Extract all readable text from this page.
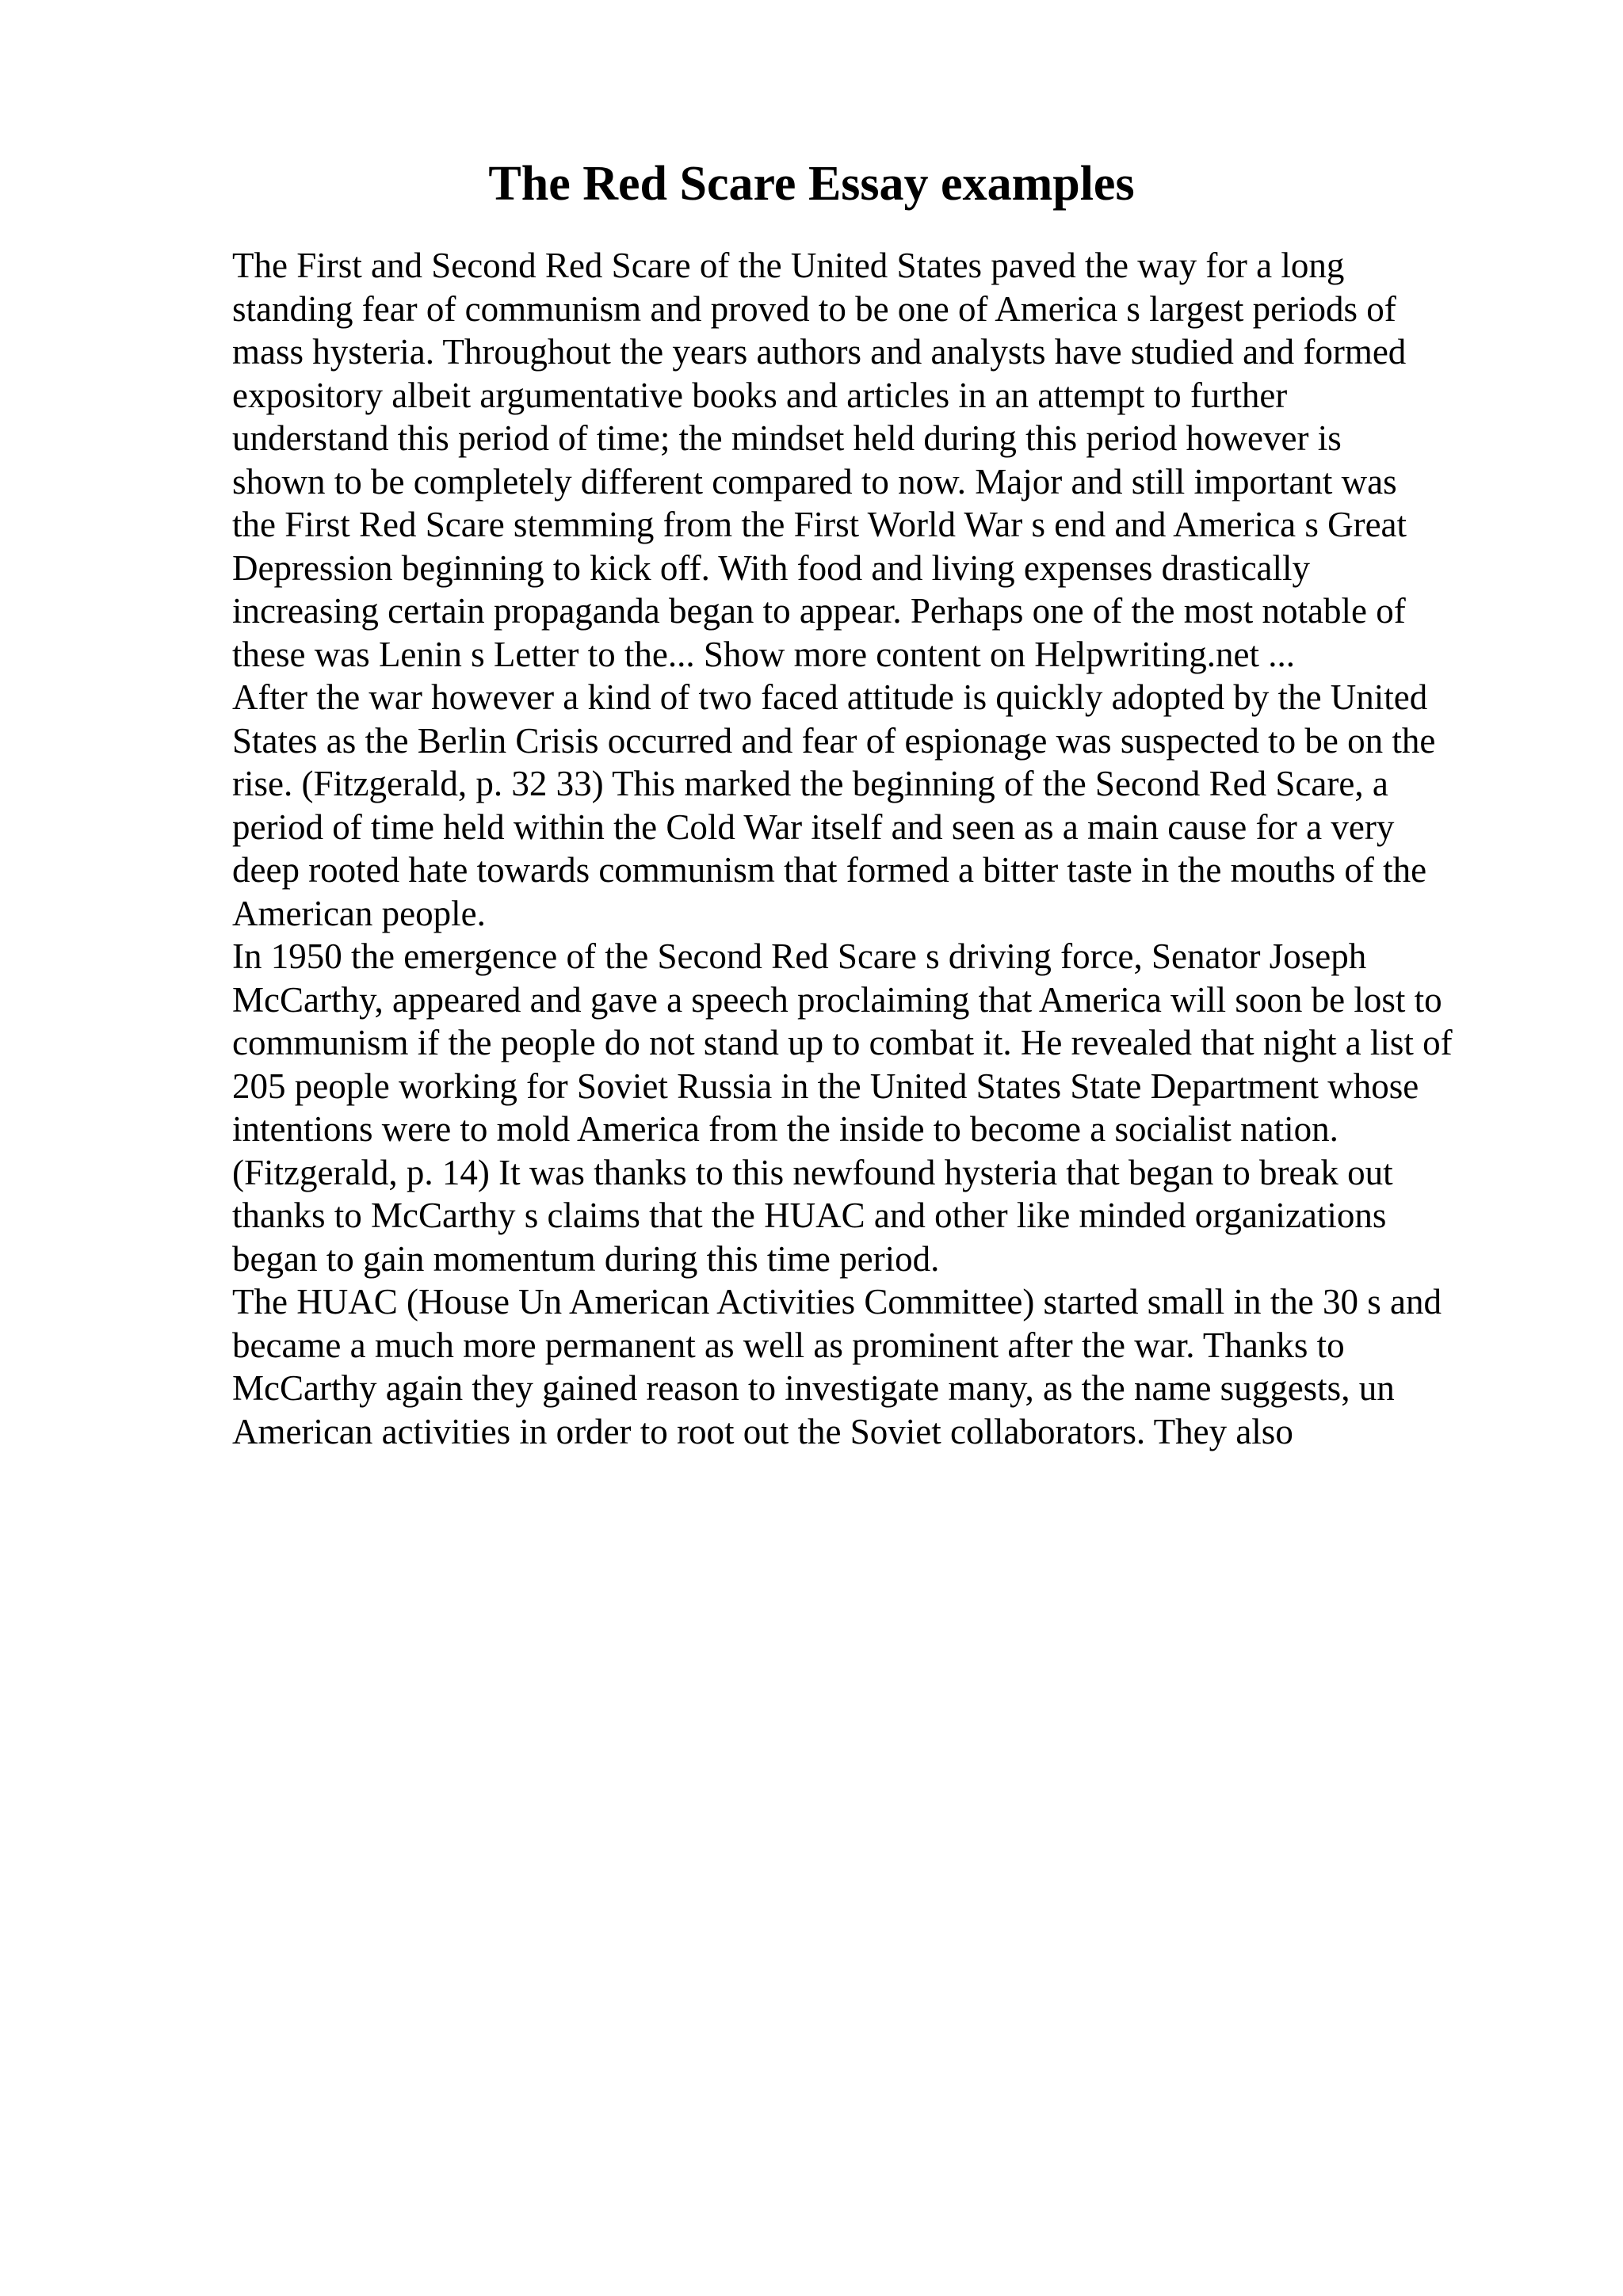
The Red Scare Essay examples
The First and Second Red Scare of the United States paved the way for a long
standing fear of communism and proved to be one of America s largest periods of
mass hysteria. Throughout the years authors and analysts have studied and formed
expository albeit argumentative books and articles in an attempt to further
understand this period of time; the mindset held during this period however is
shown to be completely different compared to now. Major and still important was
the First Red Scare stemming from the First World War s end and America s Great
Depression beginning to kick off. With food and living expenses drastically
increasing certain propaganda began to appear. Perhaps one of the most notable of
these was Lenin s Letter to the... Show more content on Helpwriting.net ...
After the war however a kind of two faced attitude is quickly adopted by the United
States as the Berlin Crisis occurred and fear of espionage was suspected to be on the
rise. (Fitzgerald, p. 32 33) This marked the beginning of the Second Red Scare, a
period of time held within the Cold War itself and seen as a main cause for a very
deep rooted hate towards communism that formed a bitter taste in the mouths of the
American people.
In 1950 the emergence of the Second Red Scare s driving force, Senator Joseph
McCarthy, appeared and gave a speech proclaiming that America will soon be lost to
communism if the people do not stand up to combat it. He revealed that night a list of
205 people working for Soviet Russia in the United States State Department whose
intentions were to mold America from the inside to become a socialist nation.
(Fitzgerald, p. 14) It was thanks to this newfound hysteria that began to break out
thanks to McCarthy s claims that the HUAC and other like minded organizations
began to gain momentum during this time period.
The HUAC (House Un American Activities Committee) started small in the 30 s and
became a much more permanent as well as prominent after the war. Thanks to
McCarthy again they gained reason to investigate many, as the name suggests, un
American activities in order to root out the Soviet collaborators. They also
